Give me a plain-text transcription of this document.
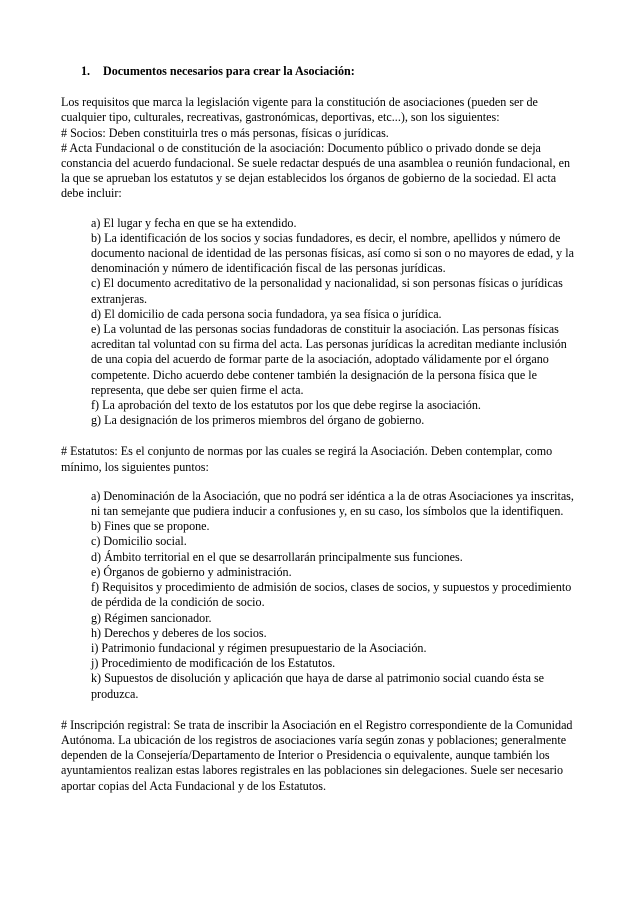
1.	Documentos necesarios para crear la Asociación:

Los requisitos que marca la legislación vigente para la constitución de asociaciones (pueden ser de cualquier tipo, culturales, recreativas, gastronómicas, deportivas, etc...), son los siguientes:

# Socios: Deben constituirla tres o más personas, físicas o jurídicas.

# Acta Fundacional o de constitución de la asociación: Documento público o privado donde se deja constancia del acuerdo fundacional. Se suele redactar después de una asamblea o reunión fundacional, en la que se aprueban los estatutos y se dejan establecidos los órganos de gobierno de la sociedad. El acta debe incluir:

a) El lugar y fecha en que se ha extendido.
b) La identificación de los socios y socias fundadores, es decir, el nombre, apellidos y número de documento nacional de identidad de las personas físicas, así como si son o no mayores de edad, y la denominación y número de identificación fiscal de las personas jurídicas.
c) El documento acreditativo de la personalidad y nacionalidad, si son personas físicas o jurídicas extranjeras.
d) El domicilio de cada persona socia fundadora, ya sea física o jurídica.
e) La voluntad de las personas socias fundadoras de constituir la asociación. Las personas físicas acreditan tal voluntad con su firma del acta. Las personas jurídicas la acreditan mediante inclusión de una copia del acuerdo de formar parte de la asociación, adoptado válidamente por el órgano competente. Dicho acuerdo debe contener también la designación de la persona física que le representa, que debe ser quien firme el acta.
f) La aprobación del texto de los estatutos por los que debe regirse la asociación.
g) La designación de los primeros miembros del órgano de gobierno.

# Estatutos: Es el conjunto de normas por las cuales se regirá la Asociación. Deben contemplar, como mínimo, los siguientes puntos:

a) Denominación de la Asociación, que no podrá ser idéntica a la de otras Asociaciones ya inscritas, ni tan semejante que pudiera inducir a confusiones y, en su caso, los símbolos que la identifiquen.
b) Fines que se propone.
c) Domicilio social.
d) Ámbito territorial en el que se desarrollarán principalmente sus funciones.
e) Órganos de gobierno y administración.
f) Requisitos y procedimiento de admisión de socios, clases de socios, y supuestos y procedimiento de pérdida de la condición de socio.
g) Régimen sancionador.
h) Derechos y deberes de los socios.
i) Patrimonio fundacional y régimen presupuestario de la Asociación.
j) Procedimiento de modificación de los Estatutos.
k) Supuestos de disolución y aplicación que haya de darse al patrimonio social cuando ésta se produzca.

# Inscripción registral: Se trata de inscribir la Asociación en el Registro correspondiente de la Comunidad Autónoma. La ubicación de los registros de asociaciones varía según zonas y poblaciones; generalmente dependen de la Consejería/Departamento de Interior o Presidencia o equivalente, aunque también los ayuntamientos realizan estas labores registrales en las poblaciones sin delegaciones. Suele ser necesario aportar copias del Acta Fundacional y de los Estatutos.
